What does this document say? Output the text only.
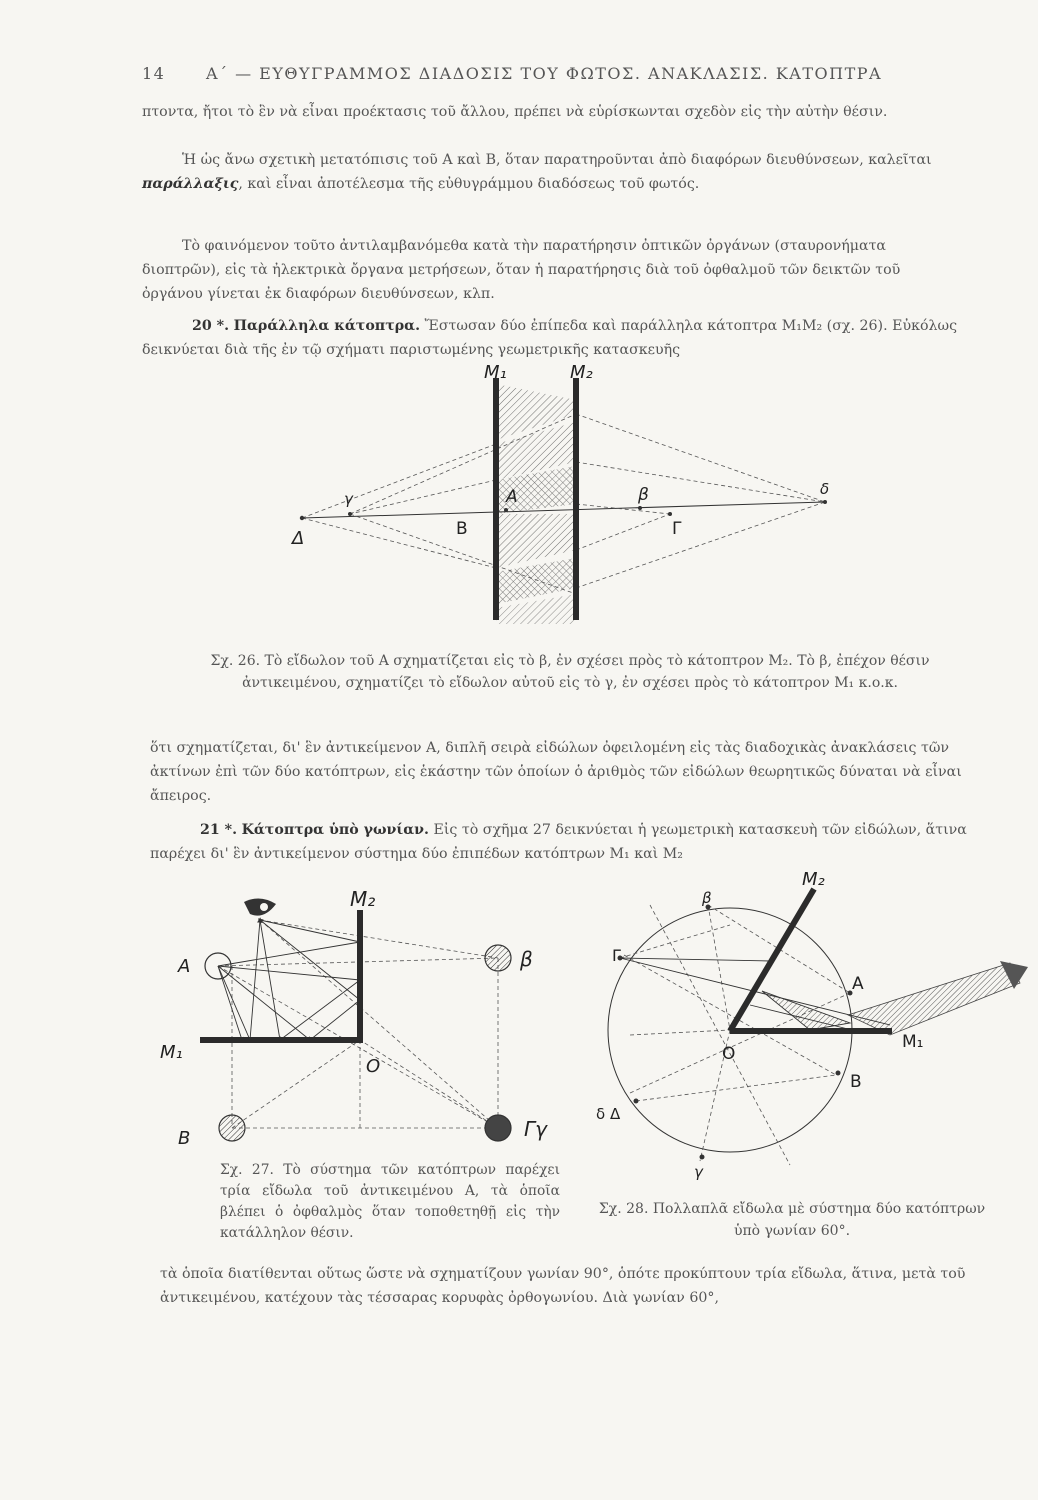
14	Α΄ — ΕΥΘΥΓΡΑΜΜΟΣ ΔΙΑΔΟΣΙΣ ΤΟΥ ΦΩΤΟΣ. ΑΝΑΚΛΑΣΙΣ. ΚΑΤΟΠΤΡΑ
πτοντα, ἤτοι τὸ ἓν νὰ εἶναι προέκτασις τοῦ ἄλλου, πρέπει νὰ εὑρίσκωνται σχεδὸν εἰς τὴν αὐτὴν θέσιν.
Ἡ ὡς ἄνω σχετικὴ μετατόπισις τοῦ Α καὶ Β, ὅταν παρατηροῦνται ἀπὸ διαφόρων διευθύνσεων, καλεῖται παράλλαξις, καὶ εἶναι ἀποτέλεσμα τῆς εὐθυγράμμου διαδόσεως τοῦ φωτός.
Τὸ φαινόμενον τοῦτο ἀντιλαμβανόμεθα κατὰ τὴν παρατήρησιν ὀπτικῶν ὀργάνων (σταυρονήματα διοπτρῶν), εἰς τὰ ἠλεκτρικὰ ὄργανα μετρήσεων, ὅταν ἡ παρατήρησις διὰ τοῦ ὀφθαλμοῦ τῶν δεικτῶν τοῦ ὀργάνου γίνεται ἐκ διαφόρων διευθύνσεων, κλπ.
20 *. Παράλληλα κάτοπτρα. Ἔστωσαν δύο ἐπίπεδα καὶ παράλληλα κάτοπτρα Μ₁Μ₂ (σχ. 26). Εὐκόλως δεικνύεται διὰ τῆς ἐν τῷ σχήματι παριστωμένης γεωμετρικῆς κατασκευῆς
Μ₁	Μ₂
Δ
γ	Α
Β
β
Γ
δ
Σχ. 26. Τὸ εἴδωλον τοῦ Α σχηματίζεται εἰς τὸ β, ἐν σχέσει πρὸς τὸ κάτοπτρον Μ₂. Τὸ β, ἐπέχον θέσιν ἀντικειμένου, σχηματίζει τὸ εἴδωλον αὐτοῦ εἰς τὸ γ, ἐν σχέσει πρὸς τὸ κάτοπτρον Μ₁ κ.ο.κ.
ὅτι σχηματίζεται, δι' ἓν ἀντικείμενον Α, διπλῆ σειρὰ εἰδώλων ὀφειλομένη εἰς τὰς διαδοχικὰς ἀνακλάσεις τῶν ἀκτίνων ἐπὶ τῶν δύο κατόπτρων, εἰς ἑκάστην τῶν ὁποίων ὁ ἀριθμὸς τῶν εἰδώλων θεωρητικῶς δύναται νὰ εἶναι ἄπειρος.
21 *. Κάτοπτρα ὑπὸ γωνίαν. Εἰς τὸ σχῆμα 27 δεικνύεται ἡ γεωμετρικὴ κατασκευὴ τῶν εἰδώλων, ἅτινα παρέχει δι' ἓν ἀντικείμενον σύστημα δύο ἐπιπέδων κατόπτρων Μ₁ καὶ Μ₂
M₂
A
M₁
O
β
B	Γγ
Σχ. 27. Τὸ σύστημα τῶν κατόπτρων παρέχει τρία εἴδωλα τοῦ ἀντικειμένου Α, τὰ ὁποῖα βλέπει ὁ ὀφθαλμὸς ὅταν τοποθετηθῇ εἰς τὴν κατάλληλον θέσιν.
M₂
β
Γ
A
M₁
O
B
δ Δ
γ
Σχ. 28. Πολλαπλᾶ εἴδωλα μὲ σύστημα δύο κατόπτρων ὑπὸ γωνίαν 60°.
τὰ ὁποῖα διατίθενται οὕτως ὥστε νὰ σχηματίζουν γωνίαν 90°, ὁπότε προκύπτουν τρία εἴδωλα, ἅτινα, μετὰ τοῦ ἀντικειμένου, κατέχουν τὰς τέσσαρας κορυφὰς ὀρθογωνίου. Διὰ γωνίαν 60°,
